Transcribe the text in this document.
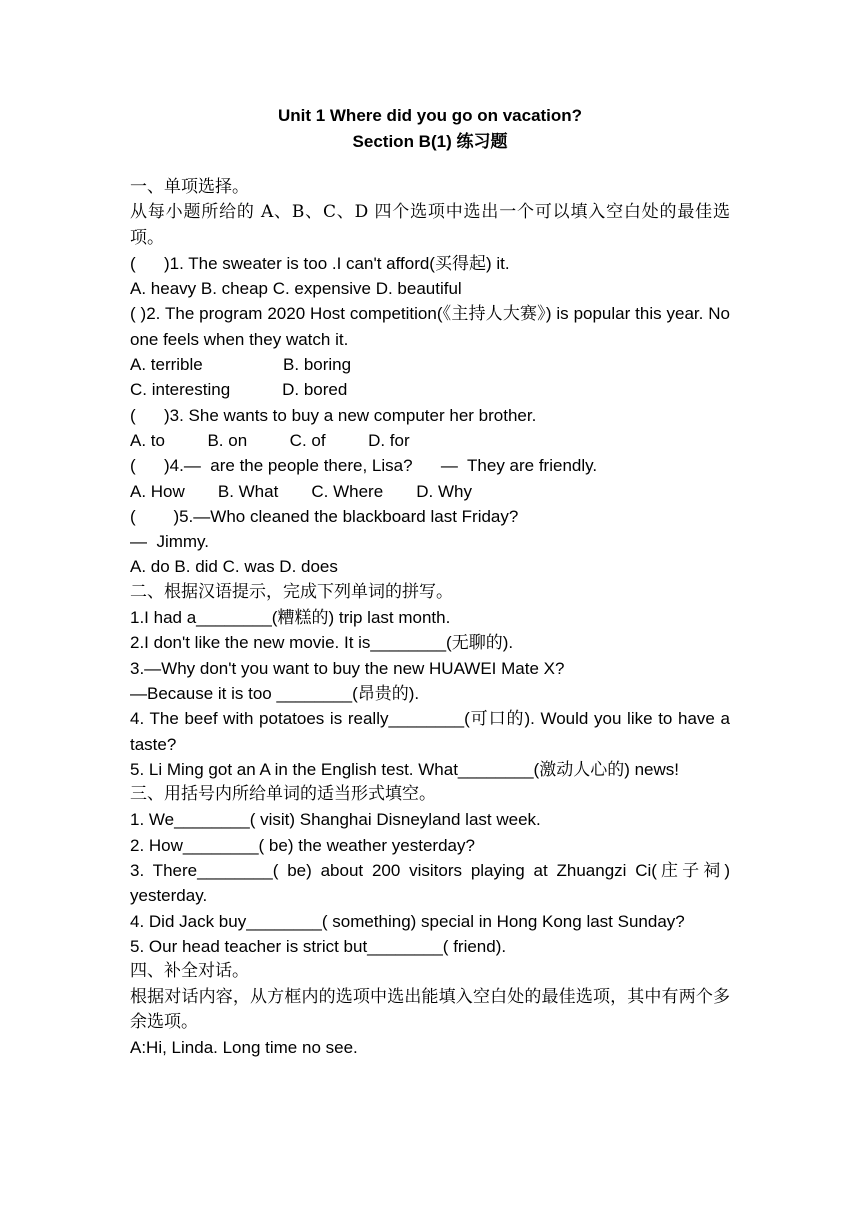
Unit 1 Where did you go on vacation?

Section B(1) 练习题

一、单项选择。

从每小题所给的 A、B、C、D 四个选项中选出一个可以填入空白处的最佳选项。

(      )1. The sweater is too .I can't afford(买得起) it.

A. heavy B. cheap C. expensive D. beautiful

( )2. The program 2020 Host competition(《主持人大赛》) is popular this year. No one feels when they watch it.

A. terrible                 B. boring

C. interesting           D. bored

(      )3. She wants to buy a new computer her brother.

A. to         B. on         C. of         D. for

(      )4.—  are the people there, Lisa?      —  They are friendly.

A. How       B. What       C. Where       D. Why

(        )5.—Who cleaned the blackboard last Friday?

—  Jimmy.

A. do B. did C. was D. does

二、根据汉语提示，完成下列单词的拼写。

1.I had a________(糟糕的) trip last month.

2.I don't like the new movie. It is________(无聊的).

3.—Why don't you want to buy the new HUAWEI Mate X?

—Because it is too ________(昂贵的).

4. The beef with potatoes is really________(可口的). Would you like to have a taste?

5. Li Ming got an A in the English test. What________(激动人心的) news!

三、用括号内所给单词的适当形式填空。

1. We________( visit) Shanghai Disneyland last week.

2. How________( be) the weather yesterday?

3. There________( be) about 200 visitors playing at Zhuangzi Ci(庄子祠) yesterday.

4. Did Jack buy________( something) special in Hong Kong last Sunday?

5. Our head teacher is strict but________( friend).

四、补全对话。

根据对话内容，从方框内的选项中选出能填入空白处的最佳选项，其中有两个多余选项。

A:Hi, Linda. Long time no see.
